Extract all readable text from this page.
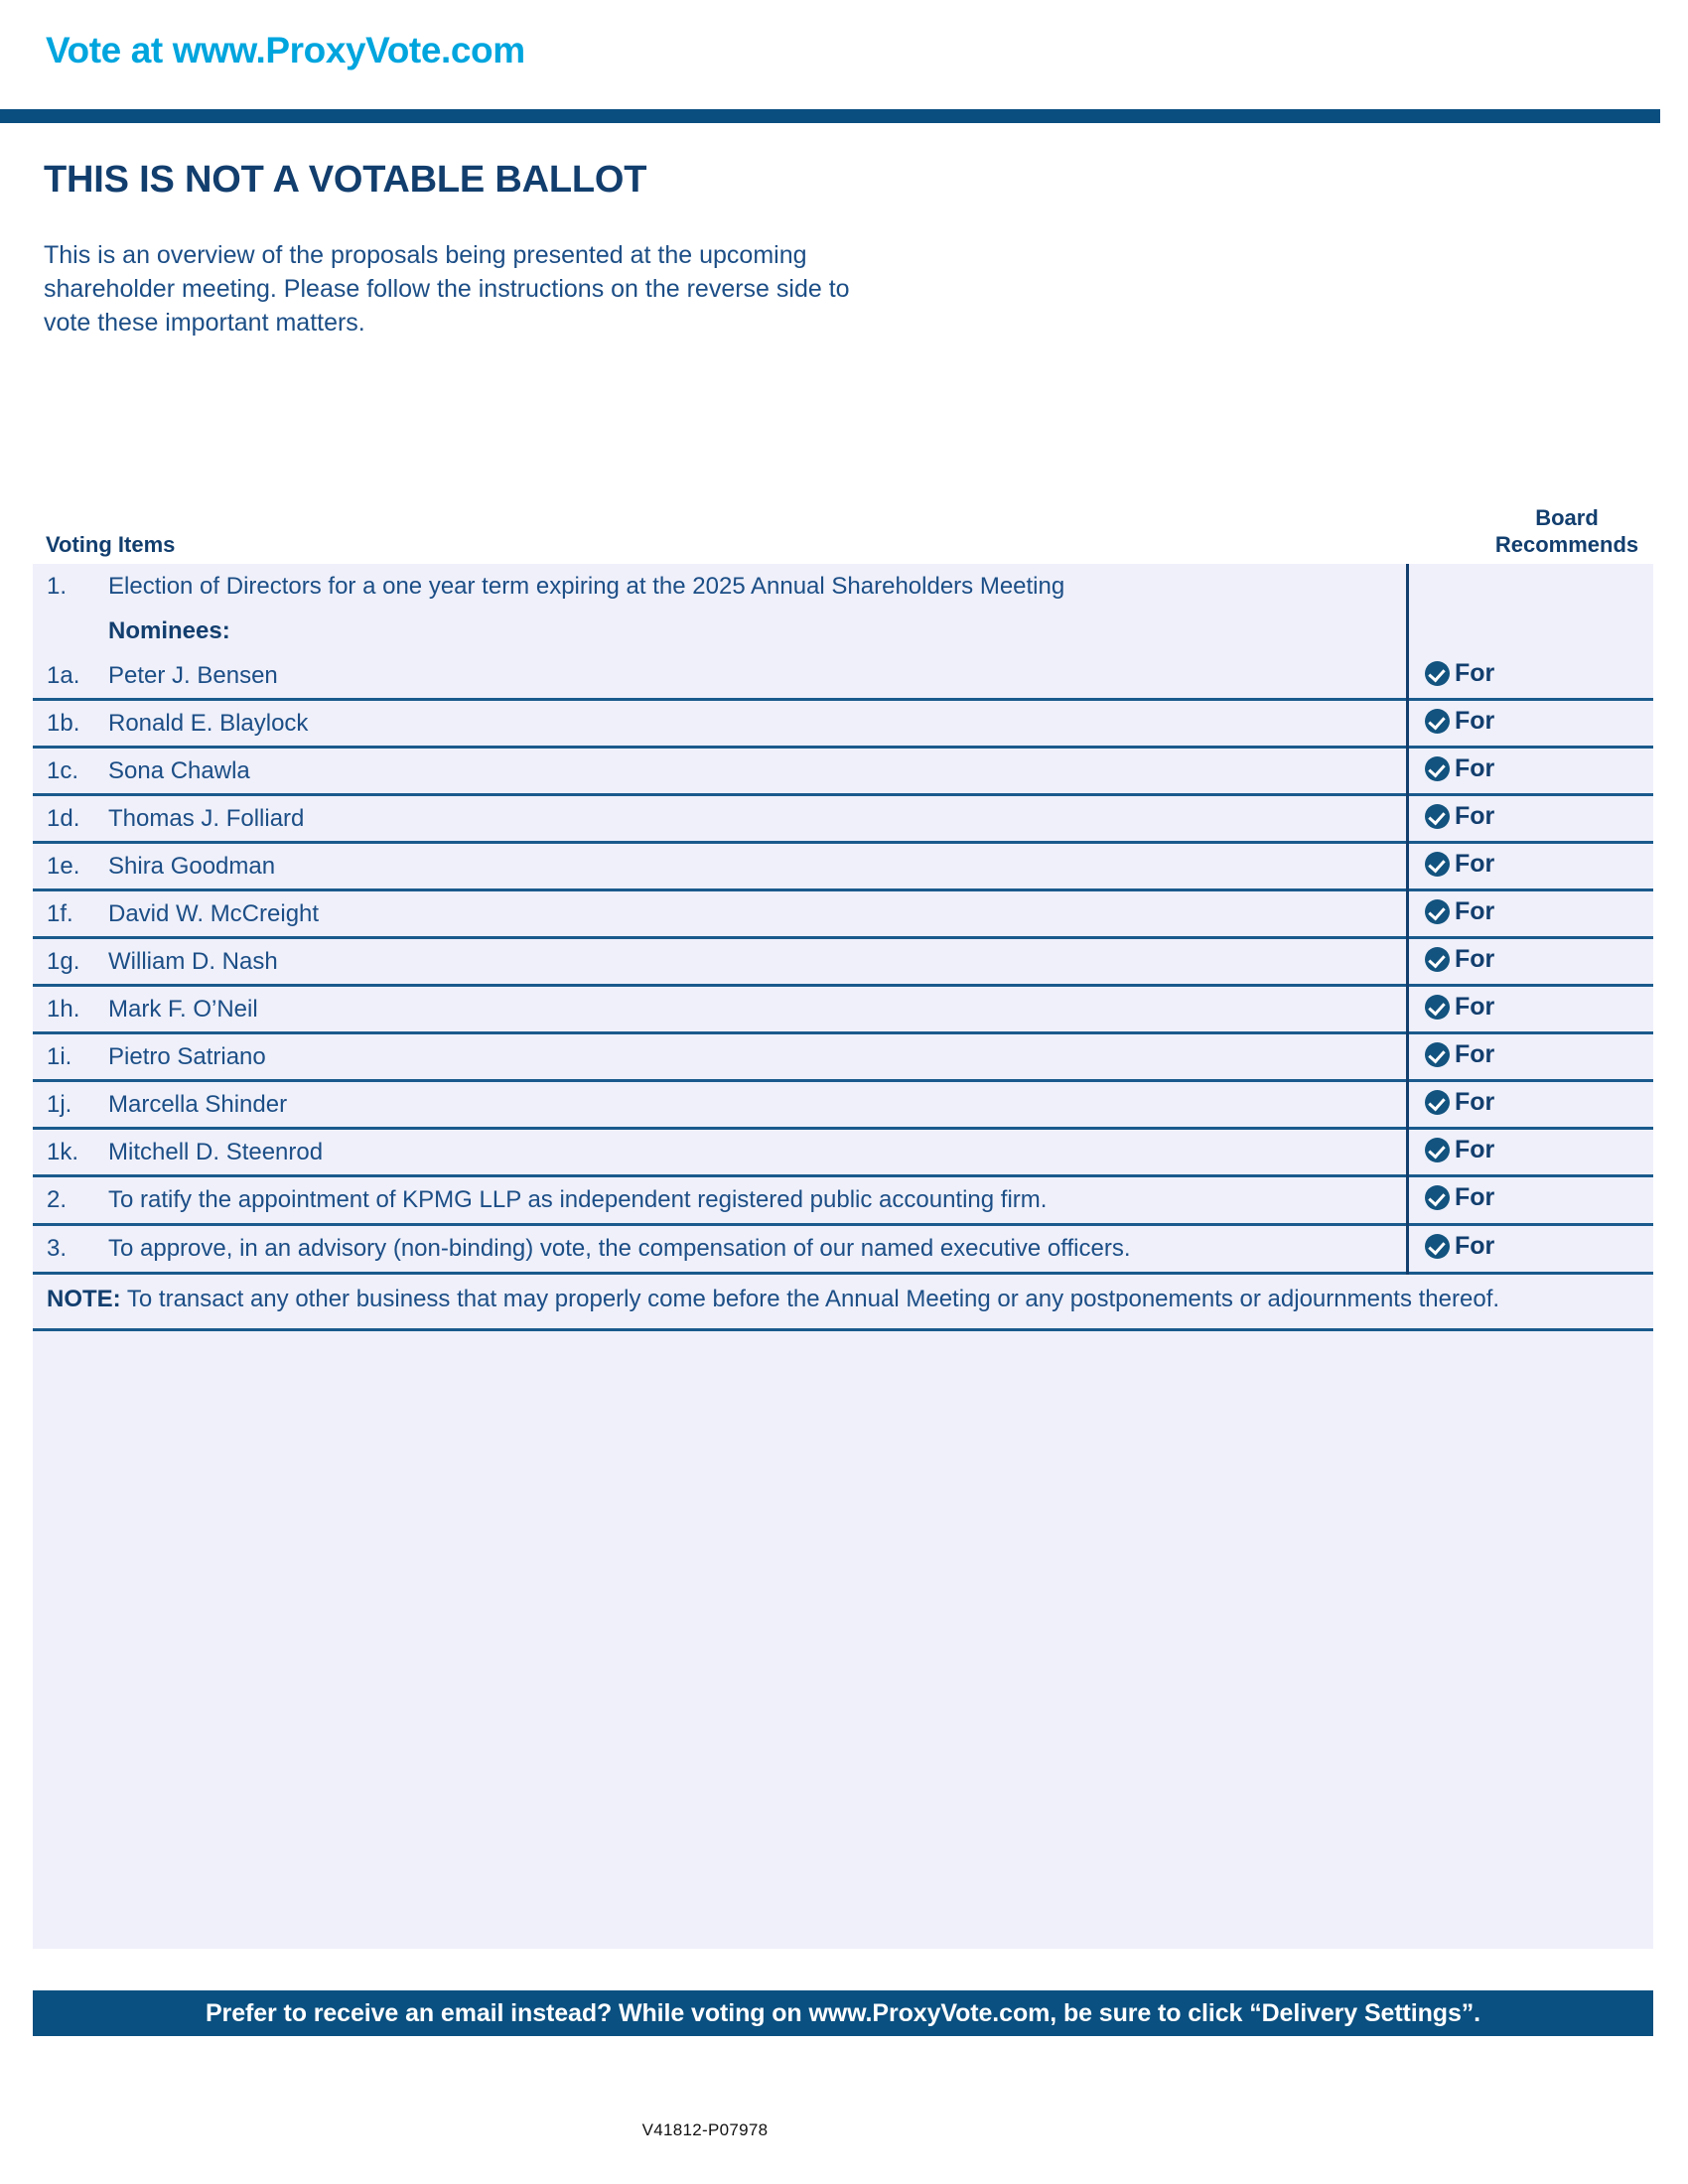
Vote at www.ProxyVote.com
THIS IS NOT A VOTABLE BALLOT
This is an overview of the proposals being presented at the upcoming shareholder meeting. Please follow the instructions on the reverse side to vote these important matters.
Voting Items
Board
Recommends
1.	Election of Directors for a one year term expiring at the 2025 Annual Shareholders Meeting	
	Nominees:	
1a.	Peter J. Bensen	For

1b.	Ronald E. Blaylock	For

1c.	Sona Chawla	For

1d.	Thomas J. Folliard	For

1e.	Shira Goodman	For

1f.	David W. McCreight	For

1g.	William D. Nash	For

1h.	Mark F. O’Neil	For

1i.	Pietro Satriano	For

1j.	Marcella Shinder	For

1k.	Mitchell D. Steenrod	For

2.	To ratify the appointment of KPMG LLP as independent registered public accounting firm.	For

3.	To approve, in an advisory (non-binding) vote, the compensation of our named executive officers.	For

NOTE: To transact any other business that may properly come before the Annual Meeting or any postponements or adjournments thereof.		
Prefer to receive an email instead? While voting on www.ProxyVote.com, be sure to click “Delivery Settings”.
V41812-P07978
